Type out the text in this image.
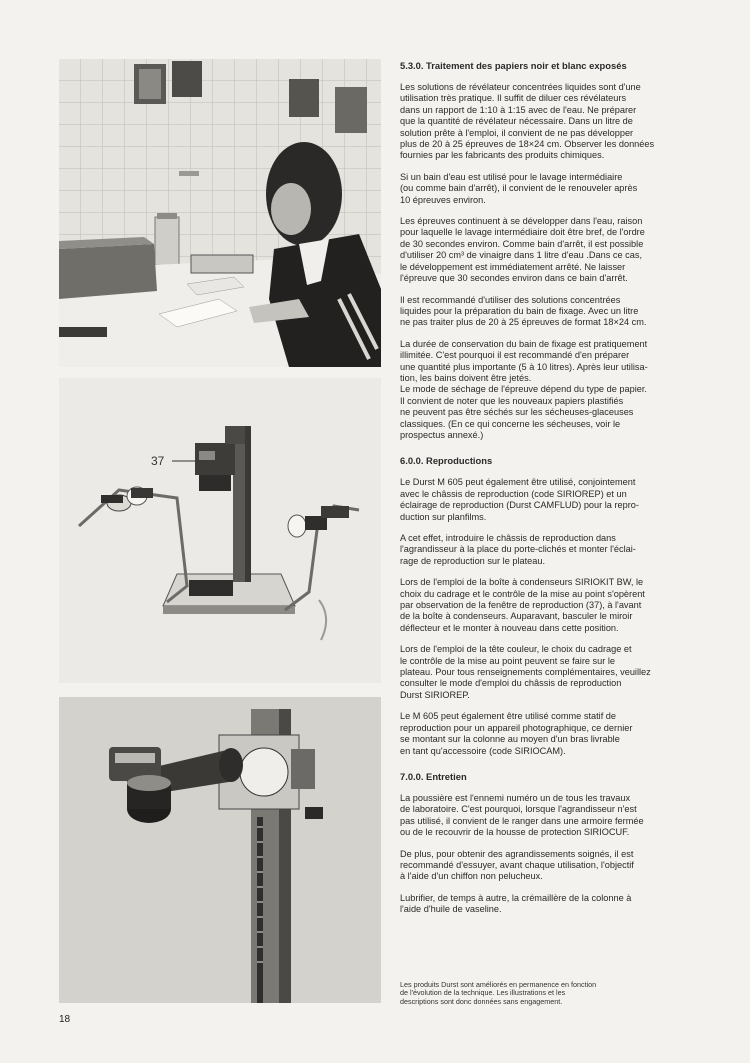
37
5.3.0. Traitement des papiers noir et blanc exposés

Les solutions de révélateur concentrées liquides sont d'une
utilisation très pratique. Il suffit de diluer ces révélateurs
dans un rapport de 1:10 à 1:15 avec de l'eau. Ne préparer
que la quantité de révélateur nécessaire. Dans un litre de
solution prête à l'emploi, il convient de ne pas développer
plus de 20 à 25 épreuves de 18×24 cm. Observer les données
fournies par les fabricants des produits chimiques.

Si un bain d'eau est utilisé pour le lavage intermédiaire
(ou comme bain d'arrêt), il convient de le renouveler après
10 épreuves environ.

Les épreuves continuent à se développer dans l'eau, raison
pour laquelle le lavage intermédiaire doit être bref, de l'ordre
de 30 secondes environ. Comme bain d'arrêt, il est possible
d'utiliser 20 cm³ de vinaigre dans 1 litre d'eau .Dans ce cas,
le développement est immédiatement arrêté. Ne laisser
l'épreuve que 30 secondes environ dans ce bain d'arrêt.

Il est recommandé d'utiliser des solutions concentrées
liquides pour la préparation du bain de fixage. Avec un litre
ne pas traiter plus de 20 à 25 épreuves de format 18×24 cm.

La durée de conservation du bain de fixage est pratiquement
illimitée. C'est pourquoi il est recommandé d'en préparer
une quantité plus importante (5 à 10 litres). Après leur utilisa-
tion, les bains doivent être jetés.

Le mode de séchage de l'épreuve dépend du type de papier.
Il convient de noter que les nouveaux papiers plastifiés
ne peuvent pas être séchés sur les sécheuses-glaceuses
classiques. (En ce qui concerne les sécheuses, voir le
prospectus annexé.)

6.0.0. Reproductions

Le Durst M 605 peut également être utilisé, conjointement
avec le châssis de reproduction (code SIRIOREP) et un
éclairage de reproduction (Durst CAMFLUD) pour la repro-
duction sur planfilms.

A cet effet, introduire le châssis de reproduction dans
l'agrandisseur à la place du porte-clichés et monter l'éclai-
rage de reproduction sur le plateau.

Lors de l'emploi de la boîte à condenseurs SIRIOKIT BW, le
choix du cadrage et le contrôle de la mise au point s'opèrent
par observation de la fenêtre de reproduction (37), à l'avant
de la boîte à condenseurs. Auparavant, basculer le miroir
déflecteur et le monter à nouveau dans cette position.

Lors de l'emploi de la tête couleur, le choix du cadrage et
le contrôle de la mise au point peuvent se faire sur le
plateau. Pour tous renseignements complémentaires, veuillez
consulter le mode d'emploi du châssis de reproduction
Durst SIRIOREP.

Le M 605 peut également être utilisé comme statif de
reproduction pour un appareil photographique, ce dernier
se montant sur la colonne au moyen d'un bras livrable
en tant qu'accessoire (code SIRIOCAM).

7.0.0. Entretien

La poussière est l'ennemi numéro un de tous les travaux
de laboratoire. C'est pourquoi, lorsque l'agrandisseur n'est
pas utilisé, il convient de le ranger dans une armoire fermée
ou de le recouvrir de la housse de protection SIRIOCUF.

De plus, pour obtenir des agrandissements soignés, il est
recommandé d'essuyer, avant chaque utilisation, l'objectif
à l'aide d'un chiffon non pelucheux.

Lubrifier, de temps à autre, la crémaillère de la colonne à
l'aide d'huile de vaseline.

Les produits Durst sont améliorés en permanence en fonction
de l'évolution de la technique. Les illustrations et les
descriptions sont donc données sans engagement.
18
